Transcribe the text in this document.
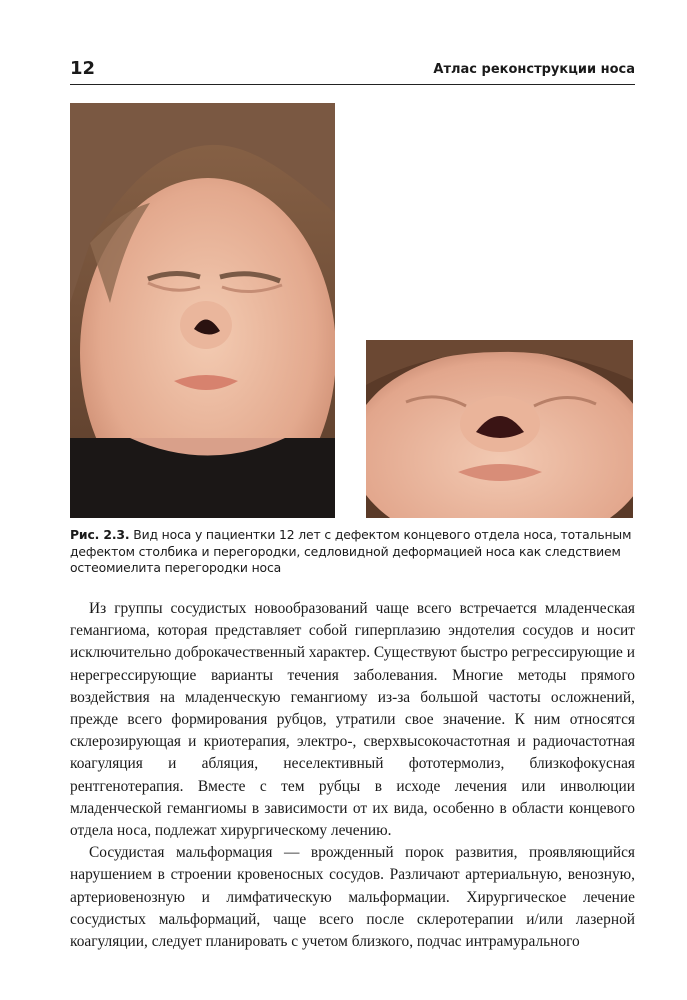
12	Атлас реконструкции носа
Рис. 2.3. Вид носа у пациентки 12 лет с дефектом концевого отдела носа, тотальным дефектом столбика и перегородки, седловидной деформацией носа как следствием остеомиелита перегородки носа

Из группы сосудистых новообразований чаще всего встречается младенческая гемангиома, которая представляет собой гиперплазию эндотелия сосудов и носит исключительно доброкачественный характер. Существуют быстро регрессирующие и нерегрессирующие варианты течения заболевания. Многие методы прямого воздействия на младенческую гемангиому из-за большой частоты осложнений, прежде всего формирования рубцов, утратили свое значение. К ним относятся склерозирующая и криотерапия, электро-, сверхвысокочастотная и радиочастотная коагуляция и абляция, неселективный фототермолиз, близкофокусная рентгенотерапия. Вместе с тем рубцы в исходе лечения или инволюции младенческой гемангиомы в зависимости от их вида, особенно в области концевого отдела носа, подлежат хирургическому лечению.

Сосудистая мальформация — врожденный порок развития, проявляющийся нарушением в строении кровеносных сосудов. Различают артериальную, венозную, артериовенозную и лимфатическую мальформации. Хирургическое лечение сосудистых мальформаций, чаще всего после склеротерапии и/или лазерной коагуляции, следует планировать с учетом близкого, подчас интрамурального
